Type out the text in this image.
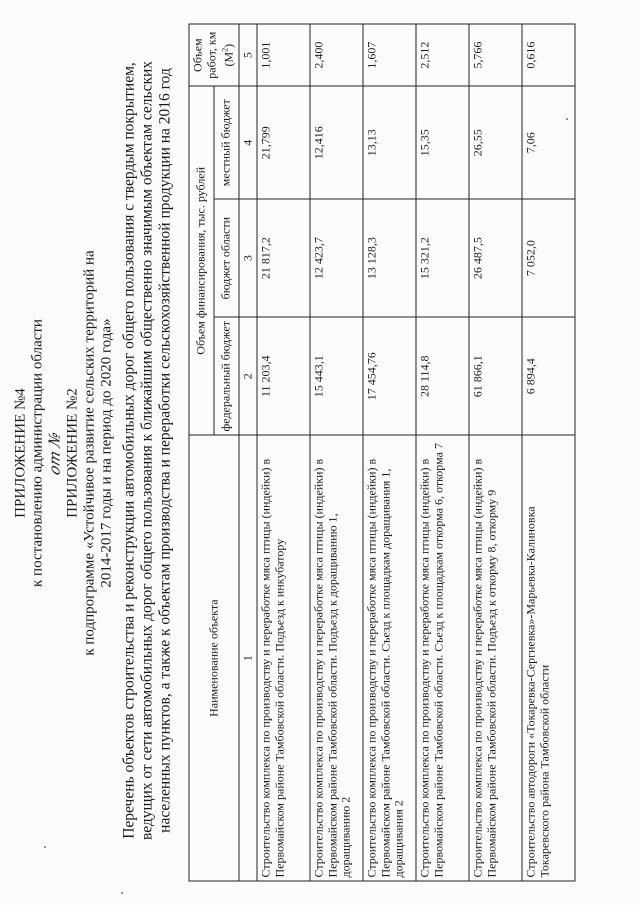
ПРИЛОЖЕНИЕ №4 к постановлению администрации области от № ПРИЛОЖЕНИЕ №2 к подпрограмме «Устойчивое развитие сельских территорий на 2014-2017 годы и на период до 2020 года» Перечень объектов строительства и реконструкции автомобильных дорог общего пользования с твердым покрытием, ведущих от сети автомобильных дорог общего пользования к ближайшим общественно значимым объектам сельских населенных пунктов, а также к объектам производства и переработки сельскохозяйственной продукции на 2016 год	Наименование объекта	Объем финансирования, тыс. рублей			Объем работ, км $(М^2)$
	федеральный бюджет	бюджет области	местный бюджет	
1	2	3	4	5
Строительство комплекса по производству и переработке мяса птицы (индейки) в Первомайском районе Тамбовской области. Подъезд к инкубатору	11 203,4	21 817,2	21,799	1,001
Строительство комплекса по производству и переработке мяса птицы (индейки) в Первомайском районе Тамбовской области. Подъезд к доращиванию 1, доращиванию 2	15 443,1	12 423,7	12,416	2,400
Строительство комплекса по производству и переработке мяса птицы (индейки) в Первомайском районе Тамбовской области. Съезд к площадкам доращивания 1, доращивания 2	17 454,76	13 128,3	13,13	1,607
Строительство комплекса по производству и переработке мяса птицы (индейки) в Первомайском районе Тамбовской области. Съезд к площадкам откорма 6, откорма 7	28 114,8	15 321,2	15,35	2,512
Строительство комплекса по производству и переработке мяса птицы (индейки) в Первомайском районе Тамбовской области. Подъезд к откорму 8, откорму 9	61 866,1	26 487,5	26,55	5,766
Строительство автодороги «Токаревка-Сергиевка»-Марьевка-Калиновка Токаревского района Тамбовской области	6 894,4	7 052,0	7,06	0,616
